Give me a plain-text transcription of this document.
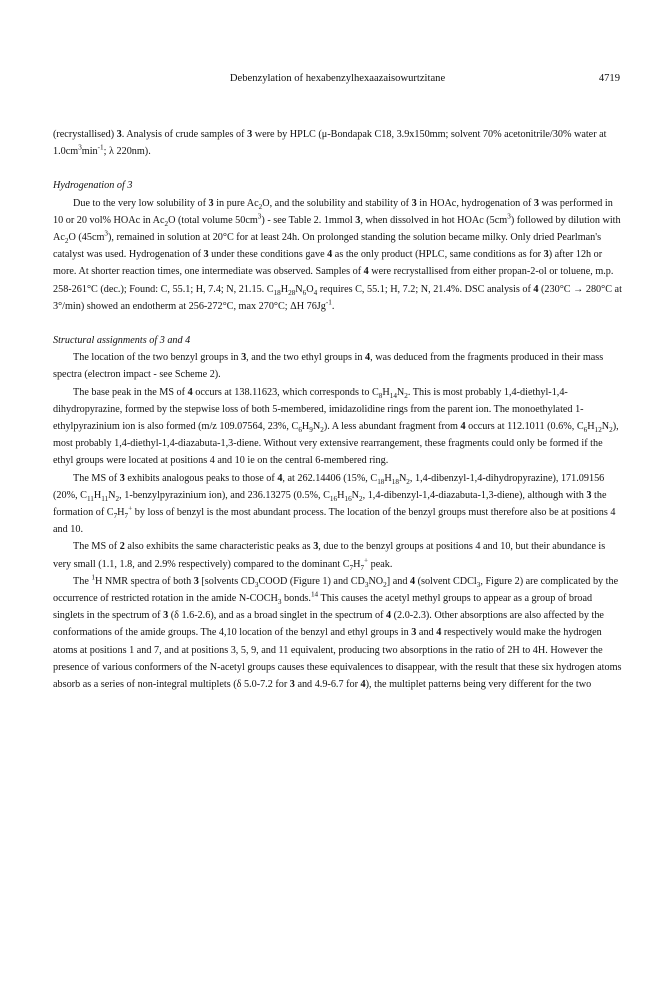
Debenzylation of hexabenzylhexaazaisowurtzitane	4719

(recrystallised) 3. Analysis of crude samples of 3 were by HPLC (μ-Bondapak C18, 3.9x150mm; solvent 70% acetonitrile/30% water at $1.0cm^3\min^{-1}$; λ 220nm).

Hydrogenation of 3

Due to the very low solubility of 3 in pure $Ac_2O$, and the solubility and stability of 3 in HOAc, hydrogenation of 3 was performed in 10 or 20 vol% HOAc in $Ac_2O$ (total volume $50cm^3$) - see Table 2. 1mmol 3, when dissolved in hot HOAc $(5cm^3)$ followed by dilution with $Ac_2O$ $(45cm^3)$, remained in solution at 20°C for at least 24h. On prolonged standing the solution became milky. Only dried Pearlman's catalyst was used. Hydrogenation of 3 under these conditions gave 4 as the only product (HPLC, same conditions as for 3) after 12h or more. At shorter reaction times, one intermediate was observed. Samples of 4 were recrystallised from either propan-2-ol or toluene, m.p. 258-261°C (dec.); Found: C, 55.1; H, 7.4; N, 21.15. $C_{18}H_{28}N_6O_4$ requires C, 55.1; H, 7.2; N, 21.4%. DSC analysis of 4 (230°C → 280°C at 3°/min) showed an endotherm at 256-272°C, max 270°C; ΔH $76Jg^{-1}$.

Structural assignments of 3 and 4

The location of the two benzyl groups in 3, and the two ethyl groups in 4, was deduced from the fragments produced in their mass spectra (electron impact - see Scheme 2).

The base peak in the MS of 4 occurs at 138.11623, which corresponds to $C_8H_{14}N_2$. This is most probably 1,4-diethyl-1,4-dihydropyrazine, formed by the stepwise loss of both 5-membered, imidazolidine rings from the parent ion. The monoethylated 1-ethylpyrazinium ion is also formed (m/z 109.07564, 23%, $C_6H_9N_2$). A less abundant fragment from 4 occurs at 112.1011 (0.6%, $C_6H_{12}N_2$), most probably 1,4-diethyl-1,4-diazabuta-1,3-diene. Without very extensive rearrangement, these fragments could only be formed if the ethyl groups were located at positions 4 and 10 ie on the central 6-membered ring.

The MS of 3 exhibits analogous peaks to those of 4, at 262.14406 (15%, $C_{18}H_{18}N_2$, 1,4-dibenzyl-1,4-dihydropyrazine), 171.09156 (20%, $C_{11}H_{11}N_2$, 1-benzylpyrazinium ion), and 236.13275 (0.5%, $C_{16}H_{16}N_2$, 1,4-dibenzyl-1,4-diazabuta-1,3-diene), although with 3 the formation of $C_7H_7^+$ by loss of benzyl is the most abundant process. The location of the benzyl groups must therefore also be at positions 4 and 10.

The MS of 2 also exhibits the same characteristic peaks as 3, due to the benzyl groups at positions 4 and 10, but their abundance is very small (1.1, 1.8, and 2.9% respectively) compared to the dominant $C_7H_7^+$ peak.

The $^1$H NMR spectra of both 3 [solvents $CD_3COOD$ (Figure 1) and $CD_3NO_2$] and 4 (solvent CDCl$_3$, Figure 2) are complicated by the occurrence of restricted rotation in the amide $N-COCH_3$ bonds.$^{14}$ This causes the acetyl methyl groups to appear as a group of broad singlets in the spectrum of 3 (δ 1.6-2.6), and as a broad singlet in the spectrum of 4 (2.0-2.3). Other absorptions are also affected by the conformations of the amide groups. The 4,10 location of the benzyl and ethyl groups in 3 and 4 respectively would make the hydrogen atoms at positions 1 and 7, and at positions 3, 5, 9, and 11 equivalent, producing two absorptions in the ratio of 2H to 4H. However the presence of various conformers of the N-acetyl groups causes these equivalences to disappear, with the result that these six hydrogen atoms absorb as a series of non-integral multiplets (δ 5.0-7.2 for 3 and 4.9-6.7 for 4), the multiplet patterns being very different for the two
